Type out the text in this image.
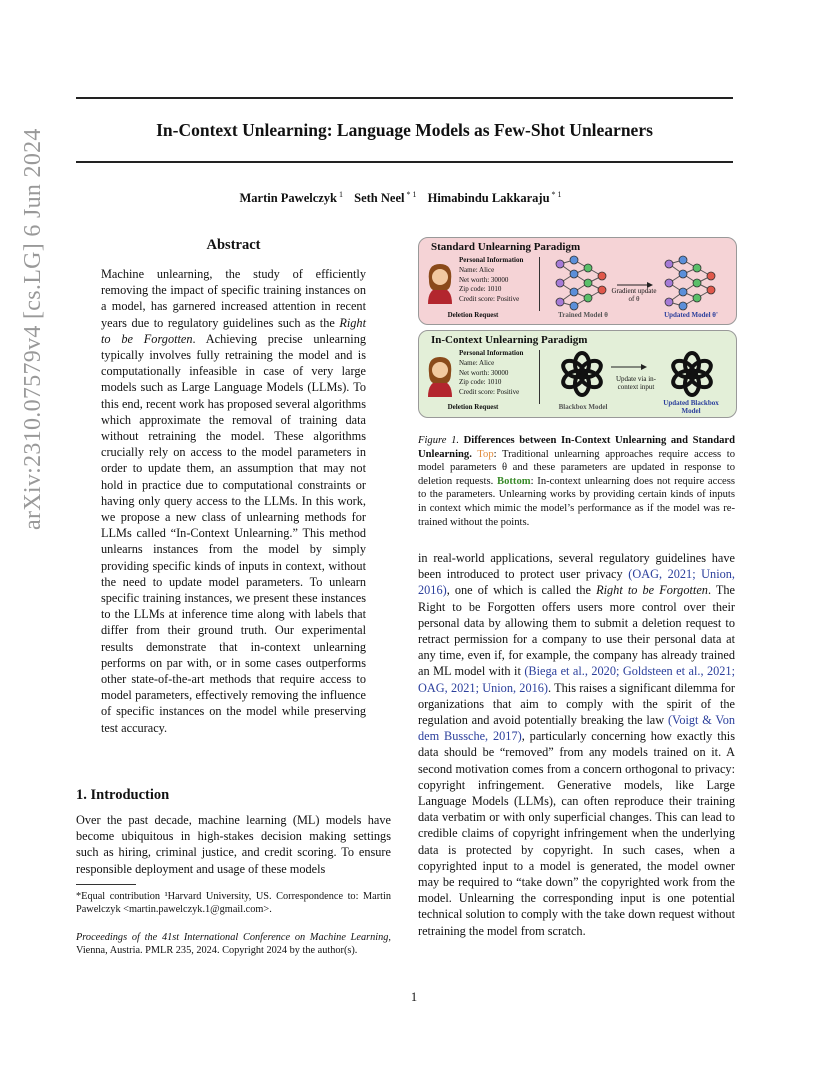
arXiv:2310.07579v4 [cs.LG] 6 Jun 2024	In-Context Unlearning: Language Models as Few-Shot Unlearners
Martin Pawelczyk $^1$ Seth Neel $^{* 1}$ Himabindu Lakkaraju $^{* 1}$
Abstract
Machine unlearning, the study of efficiently removing the impact of specific training instances on a model, has garnered increased attention in recent years due to regulatory guidelines such as the Right to be Forgotten. Achieving precise unlearning typically involves fully retraining the model and is computationally infeasible in case of very large models such as Large Language Models (LLMs). To this end, recent work has proposed several algorithms which approximate the removal of training data without retraining the model. These algorithms crucially rely on access to the model parameters in order to update them, an assumption that may not hold in practice due to computational constraints or having only query access to the LLMs. In this work, we propose a new class of unlearning methods for LLMs called “In-Context Unlearning.” This method unlearns instances from the model by simply providing specific kinds of inputs in context, without the need to update model parameters. To unlearn specific training instances, we present these instances to the LLMs at inference time along with labels that differ from their ground truth. Our experimental results demonstrate that in-context unlearning performs on par with, or in some cases outperforms other state-of-the-art methods that require access to model parameters, effectively removing the influence of specific instances on the model while preserving test accuracy.
1. Introduction
Over the past decade, machine learning (ML) models have become ubiquitous in high-stakes decision making settings such as hiring, criminal justice, and credit scoring. To ensure responsible deployment and usage of these models
*Equal contribution ¹Harvard University, US. Correspondence to: Martin Pawelczyk <martin.pawelczyk.1@gmail.com>.
Proceedings of the 41st International Conference on Machine Learning, Vienna, Austria. PMLR 235, 2024. Copyright 2024 by the author(s).
Standard Unlearning Paradigm
Personal Information
Name: Alice
Net worth: 30000
Zip code: 1010
Credit score: Positive
Gradient update of θ
Deletion Request	Trained Model θ	Updated Model θ'
In-Context Unlearning Paradigm
Personal Information
Name: Alice
Net worth: 30000
Zip code: 1010
Credit score: Positive
Update via in-context input
Deletion Request	Blackbox Model	Updated Blackbox Model
Figure 1. Differences between In-Context Unlearning and Standard Unlearning. Top: Traditional unlearning approaches require access to model parameters θ and these parameters are updated in response to deletion requests. Bottom: In-context unlearning does not require access to the parameters. Unlearning works by providing certain kinds of inputs in context which mimic the model’s performance as if the model was re-trained without the points.
in real-world applications, several regulatory guidelines have been introduced to protect user privacy (OAG, 2021; Union, 2016), one of which is called the Right to be Forgotten. The Right to be Forgotten offers users more control over their personal data by allowing them to submit a deletion request to retract permission for a company to use their personal data at any time, even if, for example, the company has already trained an ML model with it (Biega et al., 2020; Goldsteen et al., 2021; OAG, 2021; Union, 2016). This raises a significant dilemma for organizations that aim to comply with the spirit of the regulation and avoid potentially breaking the law (Voigt & Von dem Bussche, 2017), particularly concerning how exactly this data should be “removed” from any models trained on it. A second motivation comes from a concern orthogonal to privacy: copyright infringement. Generative models, like Large Language Models (LLMs), can often reproduce their training data verbatim or with only superficial changes. This can lead to credible claims of copyright infringement when the underlying data is protected by copyright. In such cases, when a copyrighted input to a model is generated, the model owner may be required to “take down” the copyrighted work from the model. Unlearning the corresponding input is one potential technical solution to comply with the take down request without retraining the model from scratch.
1
